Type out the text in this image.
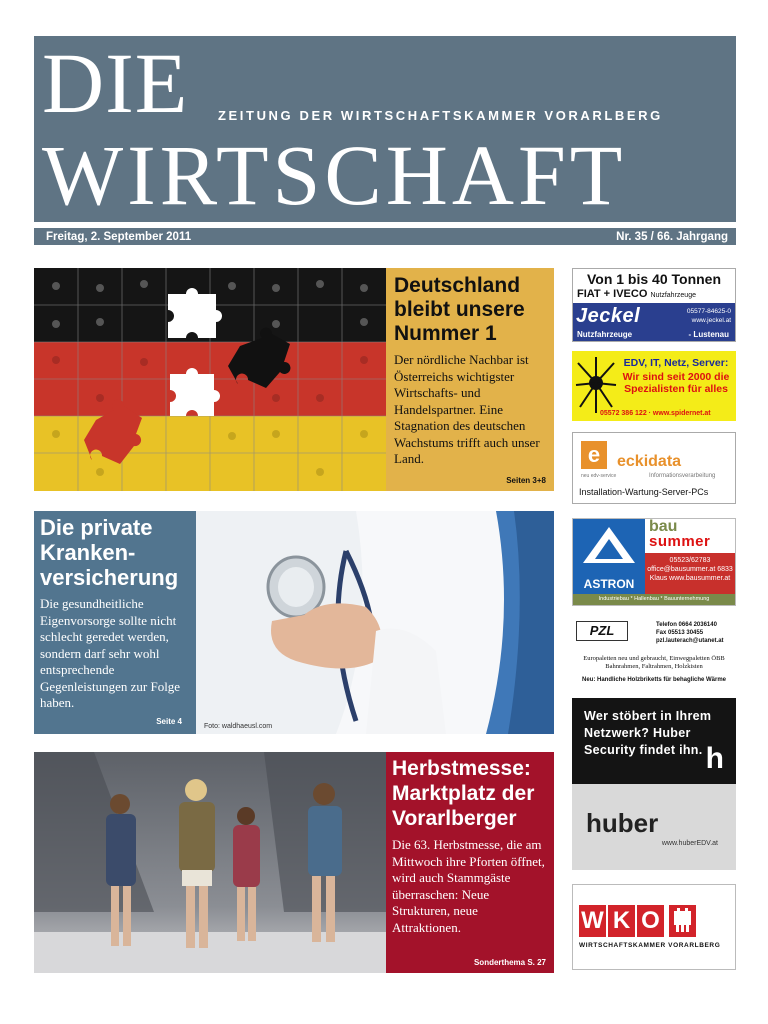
DIE ZEITUNG DER WIRTSCHAFTSKAMMER VORARLBERG
WIRTSCHAFT
Freitag, 2. September 2011	Nr. 35 / 66. Jahrgang
Deutschland bleibt unsere Nummer 1
Der nördliche Nachbar ist Österreichs wichtigster Wirtschafts- und Handelspartner. Eine Stagnation des deutschen Wachstums trifft auch unser Land.
Seiten 3+8
Die private Kranken-versicherung
Die gesundheitliche Eigenvorsorge sollte nicht schlecht geredet werden, sondern darf sehr wohl entsprechende Gegenleistungen zur Folge haben.
Seite 4
Foto: waldhaeusl.com
Herbstmesse: Marktplatz der Vorarlberger
Die 63. Herbstmesse, die am Mittwoch ihre Pforten öffnet, wird auch Stammgäste überraschen: Neue Strukturen, neue Attraktionen.
Sonderthema S. 27
Von 1 bis 40 Tonnen
FIAT + IVECO Nutzfahrzeuge
Jeckel	05577-84625-0
www.jeckel.at
Nutzfahrzeuge	- Lustenau
EDV, IT, Netz, Server:
Wir sind seit 2000 die Spezialisten für alles
05572 386 122 · www.spidernet.at
e	eckidata
neu edv-service	Informationsverarbeitung
Installation-Wartung-Server-PCs
ASTRON
bau
summer
05523/62783 office@bausummer.at 6833 Klaus www.bausummer.at
Industriebau * Hallenbau * Bauunternehmung
PZL	Telefon 0664 2036140
Fax 05513 30455
pzl.lauterach@utanet.at
Europaletten neu und gebraucht, Einwegpaletten ÖBB Bahnrahmen, Faltrahmen, Holzkisten
Neu: Handliche Holzbriketts für behagliche Wärme
Wer stöbert in Ihrem Netzwerk? Huber Security findet ihn. h
huber
www.huberEDV.at
W K O
WIRTSCHAFTSKAMMER VORARLBERG
